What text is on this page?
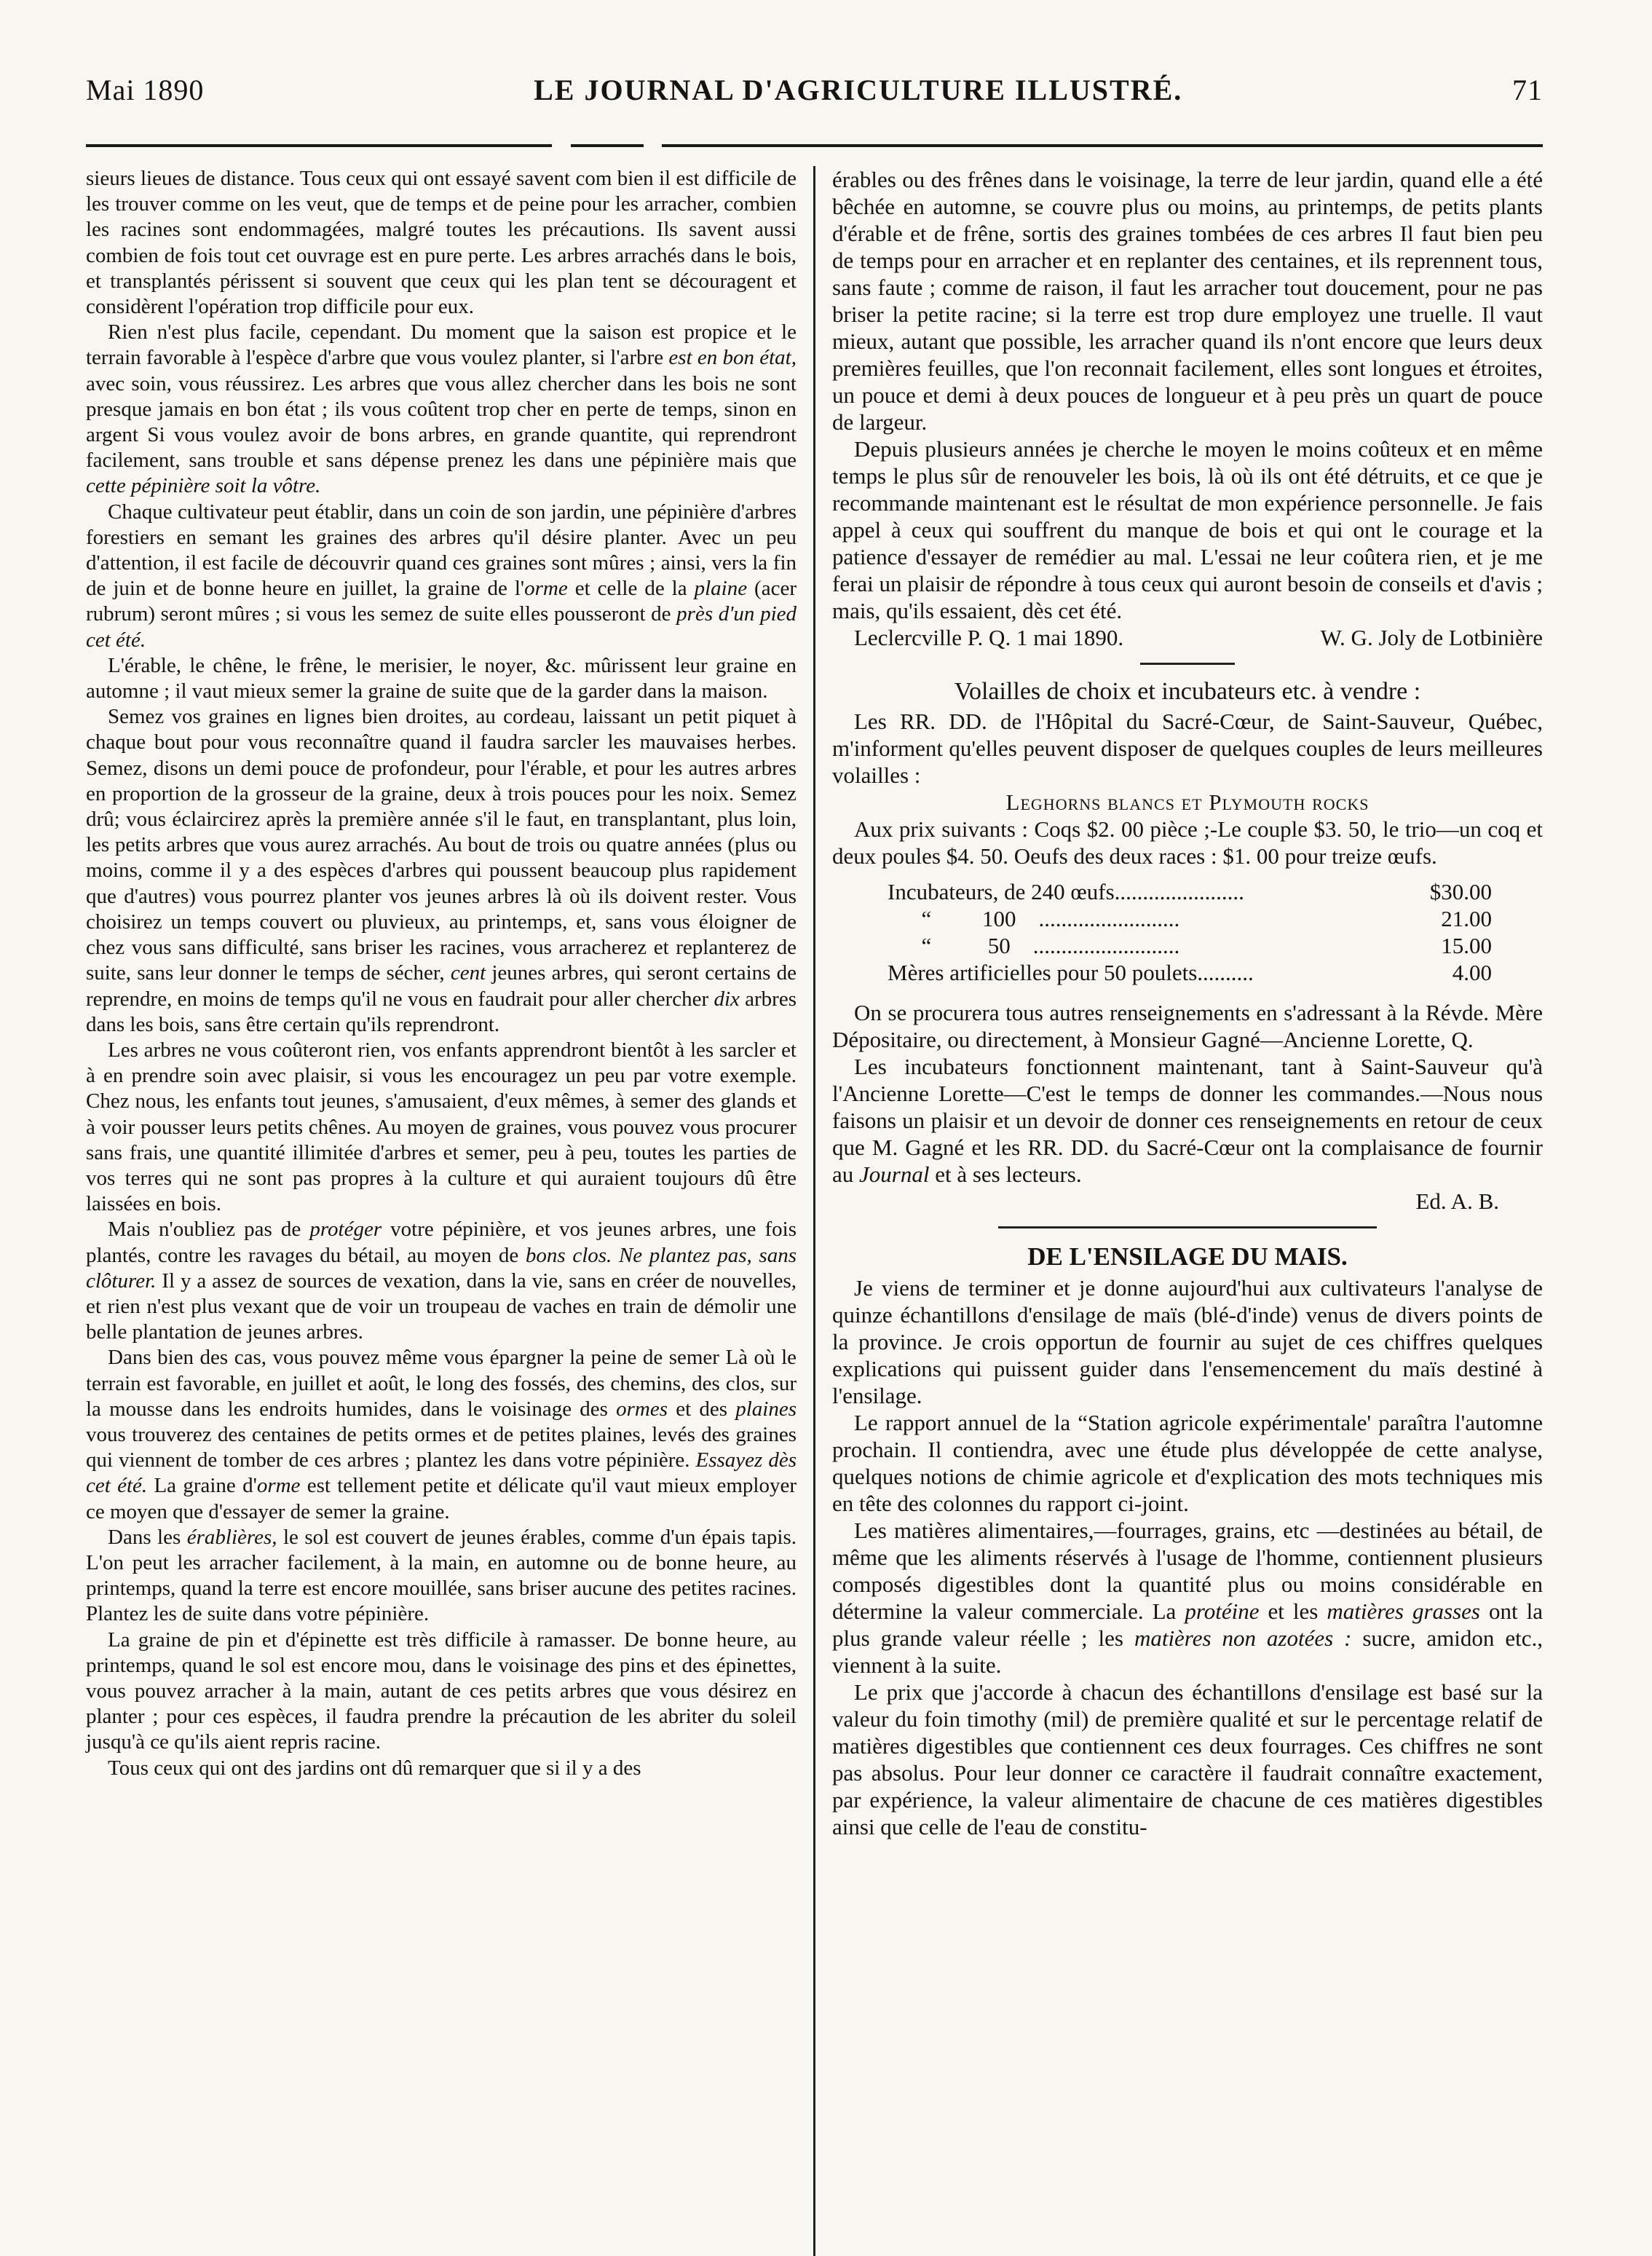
Mai 1890	LE JOURNAL D'AGRICULTURE ILLUSTRÉ.	71

sieurs lieues de distance. Tous ceux qui ont essayé savent com bien il est difficile de les trouver comme on les veut, que de temps et de peine pour les arracher, combien les racines sont endommagées, malgré toutes les précautions. Ils savent aussi combien de fois tout cet ouvrage est en pure perte. Les arbres arrachés dans le bois, et transplantés périssent si souvent que ceux qui les plan tent se découragent et considèrent l'opération trop difficile pour eux.

Rien n'est plus facile, cependant. Du moment que la saison est propice et le terrain favorable à l'espèce d'arbre que vous voulez planter, si l'arbre est en bon état, avec soin, vous réussirez. Les arbres que vous allez chercher dans les bois ne sont presque jamais en bon état ; ils vous coûtent trop cher en perte de temps, sinon en argent Si vous voulez avoir de bons arbres, en grande quantite, qui reprendront facilement, sans trouble et sans dépense prenez les dans une pépinière mais que cette pépinière soit la vôtre.

Chaque cultivateur peut établir, dans un coin de son jardin, une pépinière d'arbres forestiers en semant les graines des arbres qu'il désire planter. Avec un peu d'attention, il est facile de découvrir quand ces graines sont mûres ; ainsi, vers la fin de juin et de bonne heure en juillet, la graine de l'orme et celle de la plaine (acer rubrum) seront mûres ; si vous les semez de suite elles pousseront de près d'un pied cet été.

L'érable, le chêne, le frêne, le merisier, le noyer, &c. mûrissent leur graine en automne ; il vaut mieux semer la graine de suite que de la garder dans la maison.

Semez vos graines en lignes bien droites, au cordeau, laissant un petit piquet à chaque bout pour vous reconnaître quand il faudra sarcler les mauvaises herbes. Semez, disons un demi pouce de profondeur, pour l'érable, et pour les autres arbres en proportion de la grosseur de la graine, deux à trois pouces pour les noix. Semez drû; vous éclaircirez après la première année s'il le faut, en transplantant, plus loin, les petits arbres que vous aurez arrachés. Au bout de trois ou quatre années (plus ou moins, comme il y a des espèces d'arbres qui poussent beaucoup plus rapidement que d'autres) vous pourrez planter vos jeunes arbres là où ils doivent rester. Vous choisirez un temps couvert ou pluvieux, au printemps, et, sans vous éloigner de chez vous sans difficulté, sans briser les racines, vous arracherez et replanterez de suite, sans leur donner le temps de sécher, cent jeunes arbres, qui seront certains de reprendre, en moins de temps qu'il ne vous en faudrait pour aller chercher dix arbres dans les bois, sans être certain qu'ils reprendront.

Les arbres ne vous coûteront rien, vos enfants apprendront bientôt à les sarcler et à en prendre soin avec plaisir, si vous les encouragez un peu par votre exemple. Chez nous, les enfants tout jeunes, s'amusaient, d'eux mêmes, à semer des glands et à voir pousser leurs petits chênes. Au moyen de graines, vous pouvez vous procurer sans frais, une quantité illimitée d'arbres et semer, peu à peu, toutes les parties de vos terres qui ne sont pas propres à la culture et qui auraient toujours dû être laissées en bois.

Mais n'oubliez pas de protéger votre pépinière, et vos jeunes arbres, une fois plantés, contre les ravages du bétail, au moyen de bons clos. Ne plantez pas, sans clôturer. Il y a assez de sources de vexation, dans la vie, sans en créer de nouvelles, et rien n'est plus vexant que de voir un troupeau de vaches en train de démolir une belle plantation de jeunes arbres.

Dans bien des cas, vous pouvez même vous épargner la peine de semer Là où le terrain est favorable, en juillet et août, le long des fossés, des chemins, des clos, sur la mousse dans les endroits humides, dans le voisinage des ormes et des plaines vous trouverez des centaines de petits ormes et de petites plaines, levés des graines qui viennent de tomber de ces arbres ; plantez les dans votre pépinière. Essayez dès cet été. La graine d'orme est tellement petite et délicate qu'il vaut mieux employer ce moyen que d'essayer de semer la graine.

Dans les érablières, le sol est couvert de jeunes érables, comme d'un épais tapis. L'on peut les arracher facilement, à la main, en automne ou de bonne heure, au printemps, quand la terre est encore mouillée, sans briser aucune des petites racines. Plantez les de suite dans votre pépinière.

La graine de pin et d'épinette est très difficile à ramasser. De bonne heure, au printemps, quand le sol est encore mou, dans le voisinage des pins et des épinettes, vous pouvez arracher à la main, autant de ces petits arbres que vous désirez en planter ; pour ces espèces, il faudra prendre la précaution de les abriter du soleil jusqu'à ce qu'ils aient repris racine.

Tous ceux qui ont des jardins ont dû remarquer que si il y a des

érables ou des frênes dans le voisinage, la terre de leur jardin, quand elle a été bêchée en automne, se couvre plus ou moins, au printemps, de petits plants d'érable et de frêne, sortis des graines tombées de ces arbres Il faut bien peu de temps pour en arracher et en replanter des centaines, et ils reprennent tous, sans faute ; comme de raison, il faut les arracher tout doucement, pour ne pas briser la petite racine; si la terre est trop dure employez une truelle. Il vaut mieux, autant que possible, les arracher quand ils n'ont encore que leurs deux premières feuilles, que l'on reconnait facilement, elles sont longues et étroites, un pouce et demi à deux pouces de longueur et à peu près un quart de pouce de largeur.

Depuis plusieurs années je cherche le moyen le moins coûteux et en même temps le plus sûr de renouveler les bois, là où ils ont été détruits, et ce que je recommande maintenant est le résultat de mon expérience personnelle. Je fais appel à ceux qui souffrent du manque de bois et qui ont le courage et la patience d'essayer de remédier au mal. L'essai ne leur coûtera rien, et je me ferai un plaisir de répondre à tous ceux qui auront besoin de conseils et d'avis ; mais, qu'ils essaient, dès cet été.

Leclercville P. Q. 1 mai 1890.	W. G. Joly de Lotbinière
Volailles de choix et incubateurs etc. à vendre :

Les RR. DD. de l'Hôpital du Sacré-Cœur, de Saint-Sauveur, Québec, m'informent qu'elles peuvent disposer de quelques couples de leurs meilleures volailles :

Leghorns blancs et Plymouth rocks

Aux prix suivants : Coqs $2. 00 pièce ;-Le couple $3. 50, le trio—un coq et deux poules $4. 50. Oeufs des deux races : $1. 00 pour treize œufs.

Incubateurs, de 240 œufs.......................	$30.00
“         100    .........................	21.00
“          50    ..........................	15.00
Mères artificielles pour 50 poulets..........	4.00

On se procurera tous autres renseignements en s'adressant à la Révde. Mère Dépositaire, ou directement, à Monsieur Gagné—Ancienne Lorette, Q.

Les incubateurs fonctionnent maintenant, tant à Saint-Sauveur qu'à l'Ancienne Lorette—C'est le temps de donner les commandes.—Nous nous faisons un plaisir et un devoir de donner ces renseignements en retour de ceux que M. Gagné et les RR. DD. du Sacré-Cœur ont la complaisance de fournir au Journal et à ses lecteurs.

Ed. A. B.
DE L'ENSILAGE DU MAIS.

Je viens de terminer et je donne aujourd'hui aux cultivateurs l'analyse de quinze échantillons d'ensilage de maïs (blé-d'inde) venus de divers points de la province. Je crois opportun de fournir au sujet de ces chiffres quelques explications qui puissent guider dans l'ensemencement du maïs destiné à l'ensilage.

Le rapport annuel de la “Station agricole expérimentale' paraîtra l'automne prochain. Il contiendra, avec une étude plus développée de cette analyse, quelques notions de chimie agricole et d'explication des mots techniques mis en tête des colonnes du rapport ci-joint.

Les matières alimentaires,—fourrages, grains, etc —destinées au bétail, de même que les aliments réservés à l'usage de l'homme, contiennent plusieurs composés digestibles dont la quantité plus ou moins considérable en détermine la valeur commerciale. La protéine et les matières grasses ont la plus grande valeur réelle ; les matières non azotées : sucre, amidon etc., viennent à la suite.

Le prix que j'accorde à chacun des échantillons d'ensilage est basé sur la valeur du foin timothy (mil) de première qualité et sur le percentage relatif de matières digestibles que contiennent ces deux fourrages. Ces chiffres ne sont pas absolus. Pour leur donner ce caractère il faudrait connaître exactement, par expérience, la valeur alimentaire de chacune de ces matières digestibles ainsi que celle de l'eau de constitu-
